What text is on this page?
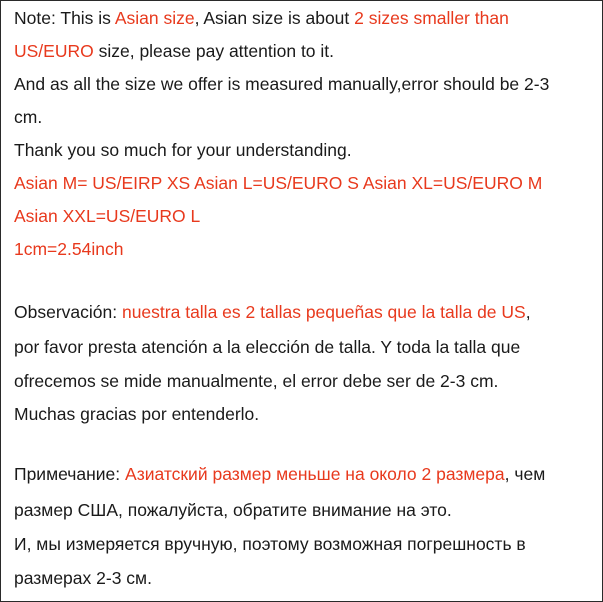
Note: This is Asian size, Asian size is about 2 sizes smaller than
US/EURO size, please pay attention to it.
And as all the size we offer is measured manually,error should be 2-3
cm.
Thank you so much for your understanding.
Asian M= US/EIRP XS Asian L=US/EURO S Asian XL=US/EURO M
Asian XXL=US/EURO L
1cm=2.54inch
Observación: nuestra talla es 2 tallas pequeñas que la talla de US,
por favor presta atención a la elección de talla. Y toda la talla que
ofrecemos se mide manualmente, el error debe ser de 2-3 cm.
Muchas gracias por entenderlo.
Примечание: Азиатский размер меньше на около 2 размера, чем
размер США, пожалуйста, обратите внимание на это.
И, мы измеряется вручную, поэтому возможная погрешность в
размерах 2-3 см.
